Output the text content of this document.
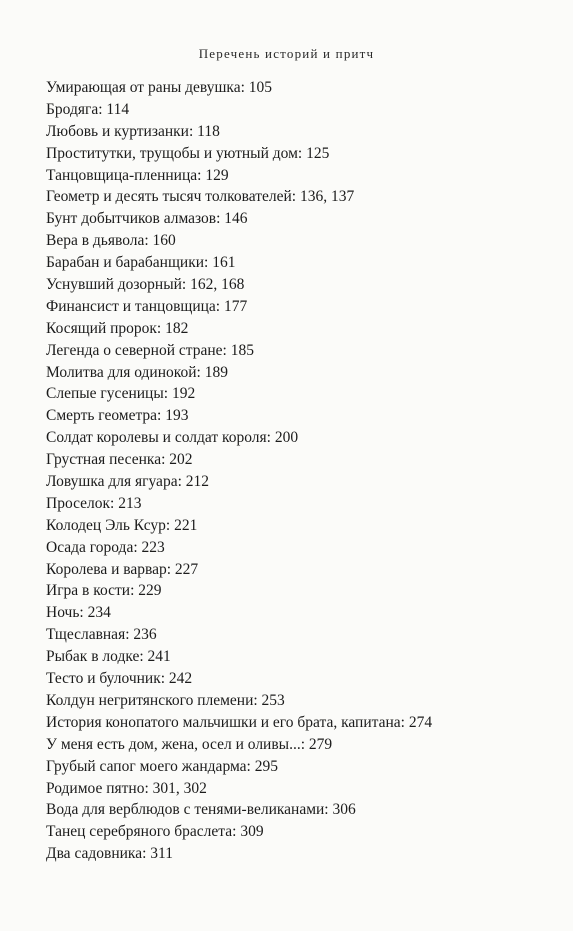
Перечень историй и притч
Умирающая от раны девушка: 105
Бродяга: 114
Любовь и куртизанки: 118
Проститутки, трущобы и уютный дом: 125
Танцовщица-пленница: 129
Геометр и десять тысяч толкователей: 136, 137
Бунт добытчиков алмазов: 146
Вера в дьявола: 160
Барабан и барабанщики: 161
Уснувший дозорный: 162, 168
Финансист и танцовщица: 177
Косящий пророк: 182
Легенда о северной стране: 185
Молитва для одинокой: 189
Слепые гусеницы: 192
Смерть геометра: 193
Солдат королевы и солдат короля: 200
Грустная песенка: 202
Ловушка для ягуара: 212
Проселок: 213
Колодец Эль Ксур: 221
Осада города: 223
Королева и варвар: 227
Игра в кости: 229
Ночь: 234
Тщеславная: 236
Рыбак в лодке: 241
Тесто и булочник: 242
Колдун негритянского племени: 253
История конопатого мальчишки и его брата, капитана: 274
У меня есть дом, жена, осел и оливы...: 279
Грубый сапог моего жандарма: 295
Родимое пятно: 301, 302
Вода для верблюдов с тенями-великанами: 306
Танец серебряного браслета: 309
Два садовника: 311
